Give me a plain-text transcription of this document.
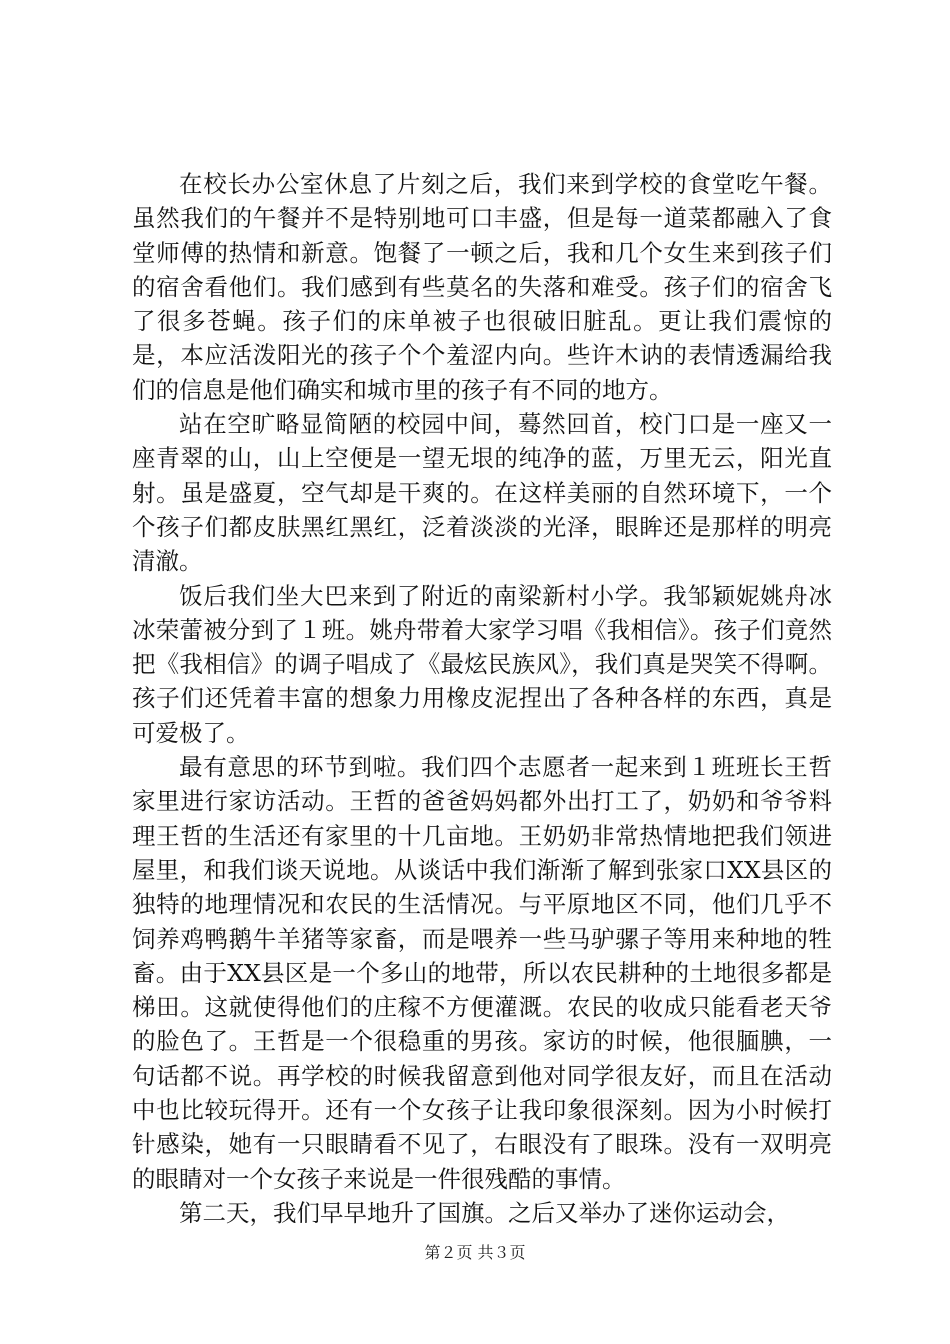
在校长办公室休息了片刻之后，我们来到学校的食堂吃午餐。虽然我们的午餐并不是特别地可口丰盛，但是每一道菜都融入了食堂师傅的热情和新意。饱餐了一顿之后，我和几个女生来到孩子们的宿舍看他们。我们感到有些莫名的失落和难受。孩子们的宿舍飞了很多苍蝇。孩子们的床单被子也很破旧脏乱。更让我们震惊的是，本应活泼阳光的孩子个个羞涩内向。些许木讷的表情透漏给我们的信息是他们确实和城市里的孩子有不同的地方。

站在空旷略显简陋的校园中间，蓦然回首，校门口是一座又一座青翠的山，山上空便是一望无垠的纯净的蓝，万里无云，阳光直射。虽是盛夏，空气却是干爽的。在这样美丽的自然环境下，一个个孩子们都皮肤黑红黑红，泛着淡淡的光泽，眼眸还是那样的明亮清澈。

饭后我们坐大巴来到了附近的南梁新村小学。我邹颖妮姚舟冰冰荣蕾被分到了１班。姚舟带着大家学习唱《我相信》。孩子们竟然把《我相信》的调子唱成了《最炫民族风》，我们真是哭笑不得啊。孩子们还凭着丰富的想象力用橡皮泥捏出了各种各样的东西，真是可爱极了。

最有意思的环节到啦。我们四个志愿者一起来到１班班长王哲家里进行家访活动。王哲的爸爸妈妈都外出打工了，奶奶和爷爷料理王哲的生活还有家里的十几亩地。王奶奶非常热情地把我们领进屋里，和我们谈天说地。从谈话中我们渐渐了解到张家口XX县区的独特的地理情况和农民的生活情况。与平原地区不同，他们几乎不饲养鸡鸭鹅牛羊猪等家畜，而是喂养一些马驴骡子等用来种地的牲畜。由于XX县区是一个多山的地带，所以农民耕种的土地很多都是梯田。这就使得他们的庄稼不方便灌溉。农民的收成只能看老天爷的脸色了。王哲是一个很稳重的男孩。家访的时候，他很腼腆，一句话都不说。再学校的时候我留意到他对同学很友好，而且在活动中也比较玩得开。还有一个女孩子让我印象很深刻。因为小时候打针感染，她有一只眼睛看不见了，右眼没有了眼珠。没有一双明亮的眼睛对一个女孩子来说是一件很残酷的事情。

第二天，我们早早地升了国旗。之后又举办了迷你运动会，

第２页 共３页
